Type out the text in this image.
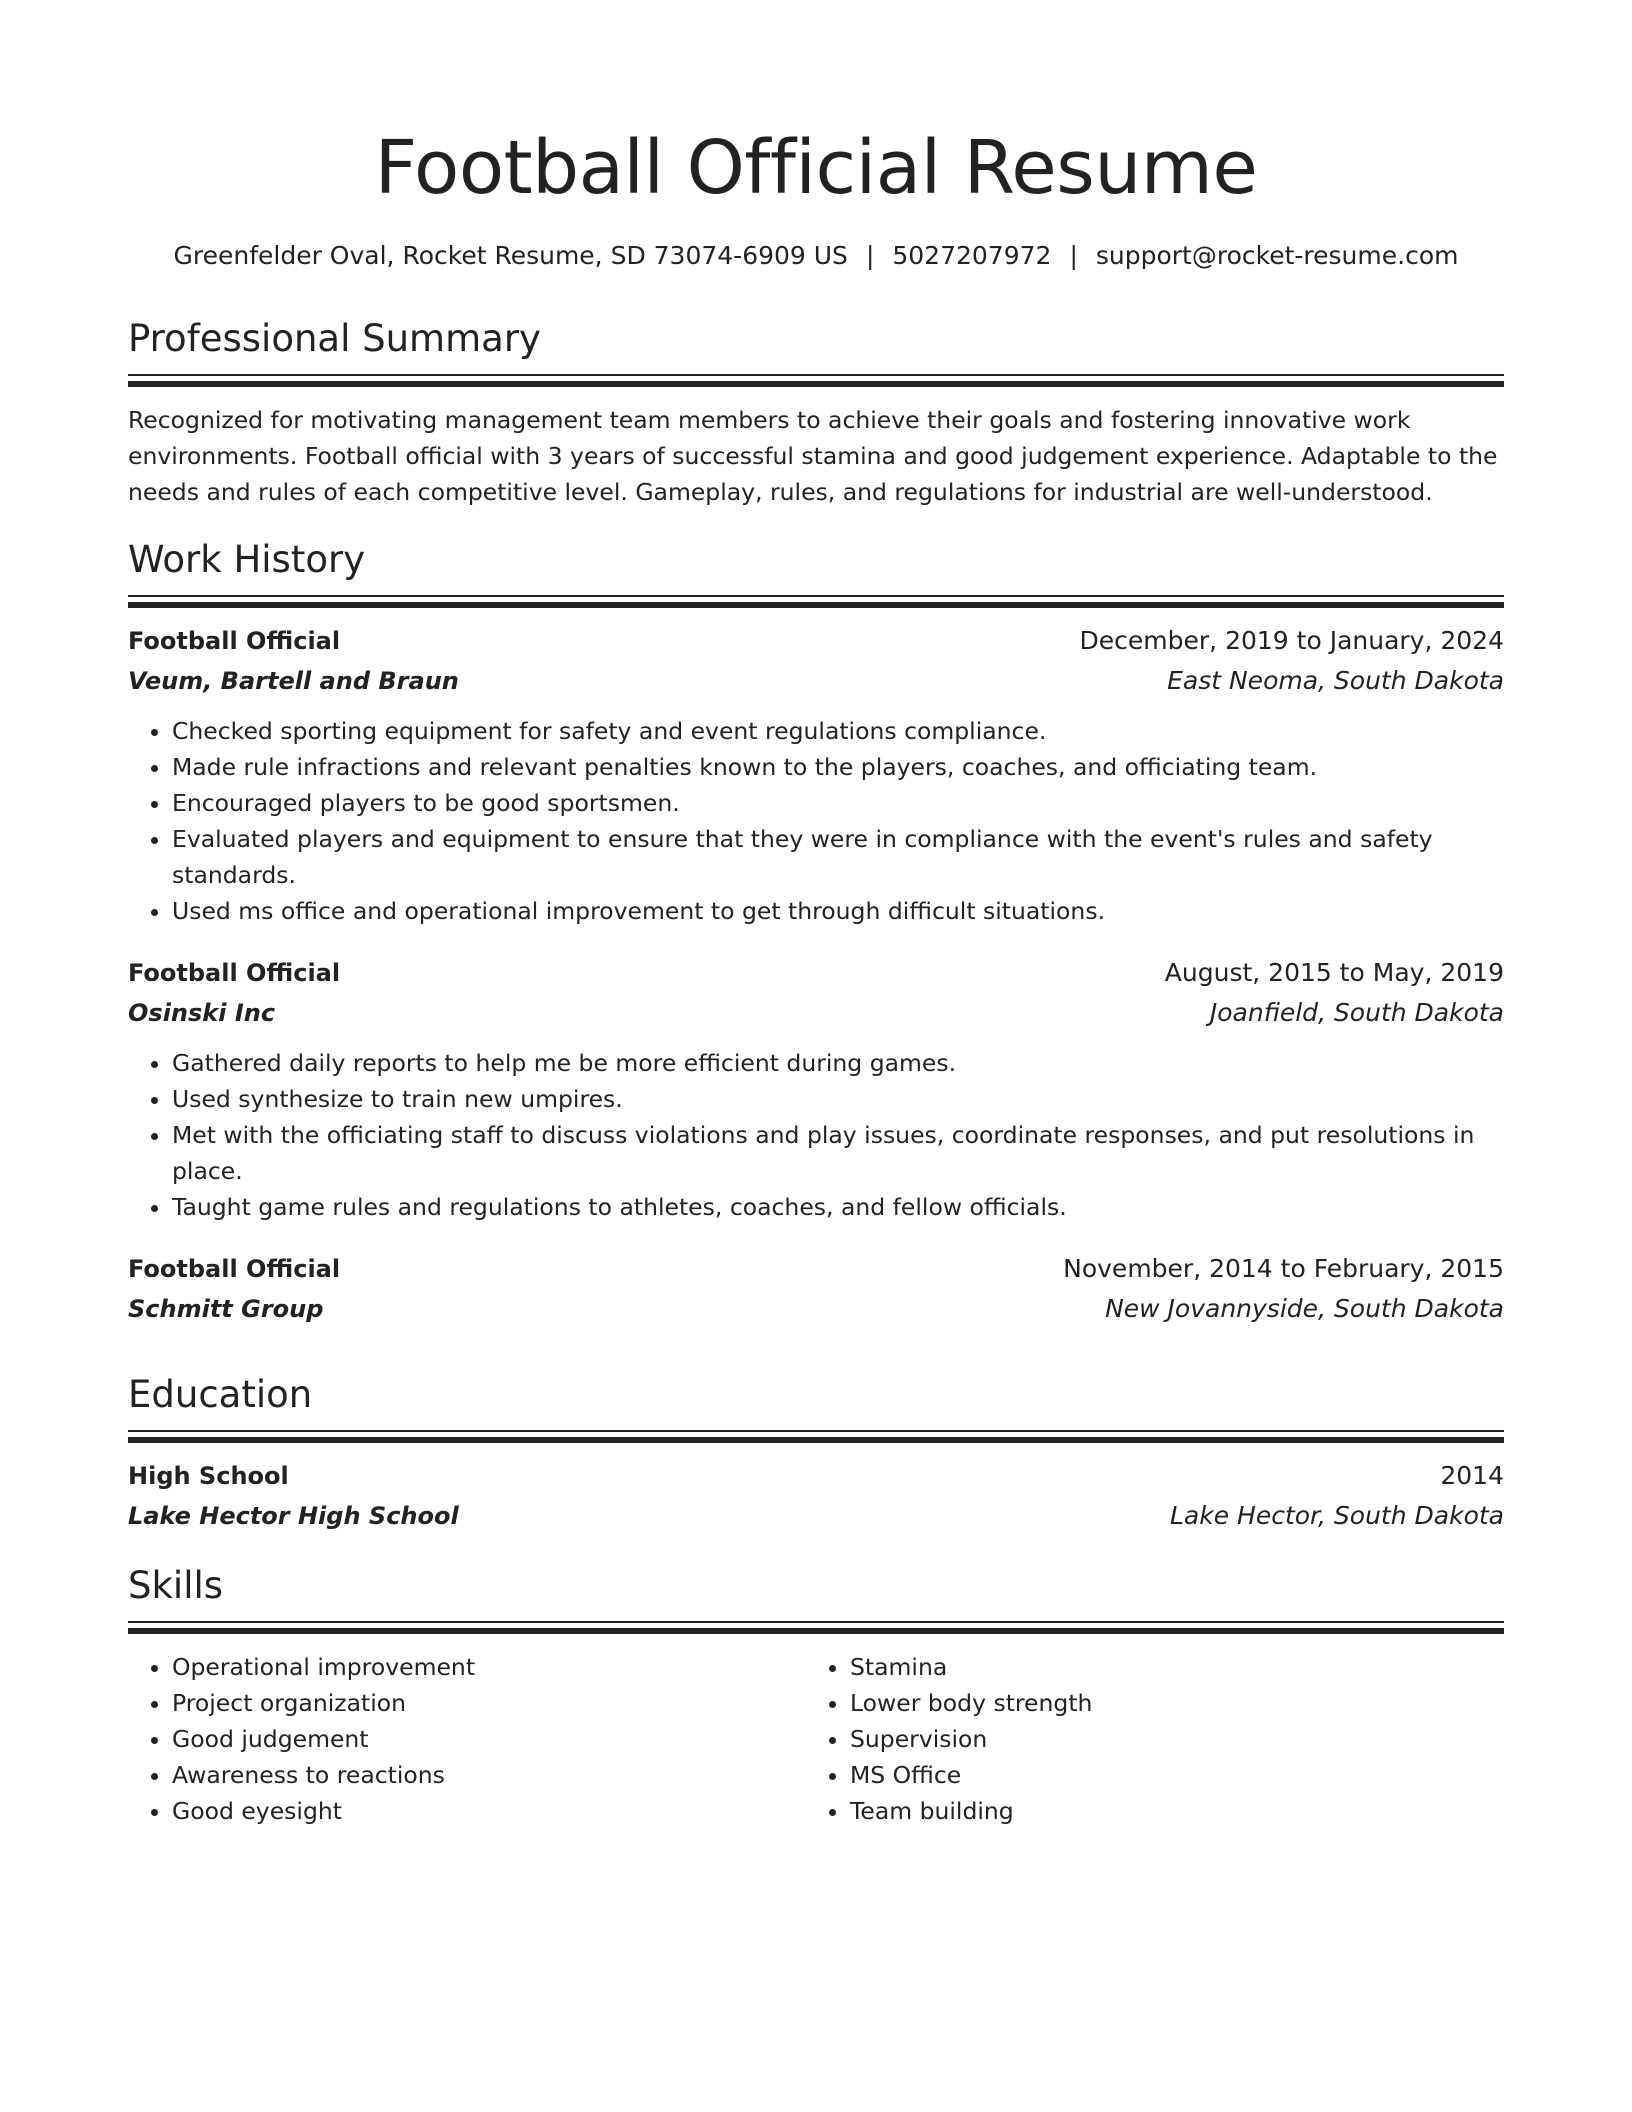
Football Official Resume
Greenfelder Oval, Rocket Resume, SD 73074-6909 US | 5027207972 | support@rocket-resume.com
Professional Summary
Recognized for motivating management team members to achieve their goals and fostering innovative work environments. Football official with 3 years of successful stamina and good judgement experience. Adaptable to the needs and rules of each competitive level. Gameplay, rules, and regulations for industrial are well-understood.
Work History
Football Official	December, 2019 to January, 2024
Veum, Bartell and Braun	East Neoma, South Dakota
• Checked sporting equipment for safety and event regulations compliance.
• Made rule infractions and relevant penalties known to the players, coaches, and officiating team.
• Encouraged players to be good sportsmen.
• Evaluated players and equipment to ensure that they were in compliance with the event's rules and safety standards.
• Used ms office and operational improvement to get through difficult situations.
Football Official	August, 2015 to May, 2019
Osinski Inc	Joanfield, South Dakota
• Gathered daily reports to help me be more efficient during games.
• Used synthesize to train new umpires.
• Met with the officiating staff to discuss violations and play issues, coordinate responses, and put resolutions in place.
• Taught game rules and regulations to athletes, coaches, and fellow officials.
Football Official	November, 2014 to February, 2015
Schmitt Group	New Jovannyside, South Dakota
Education
High School	2014
Lake Hector High School	Lake Hector, South Dakota
Skills
• Operational improvement
• Project organization
• Good judgement
• Awareness to reactions
• Good eyesight
• Stamina
• Lower body strength
• Supervision
• MS Office
• Team building
